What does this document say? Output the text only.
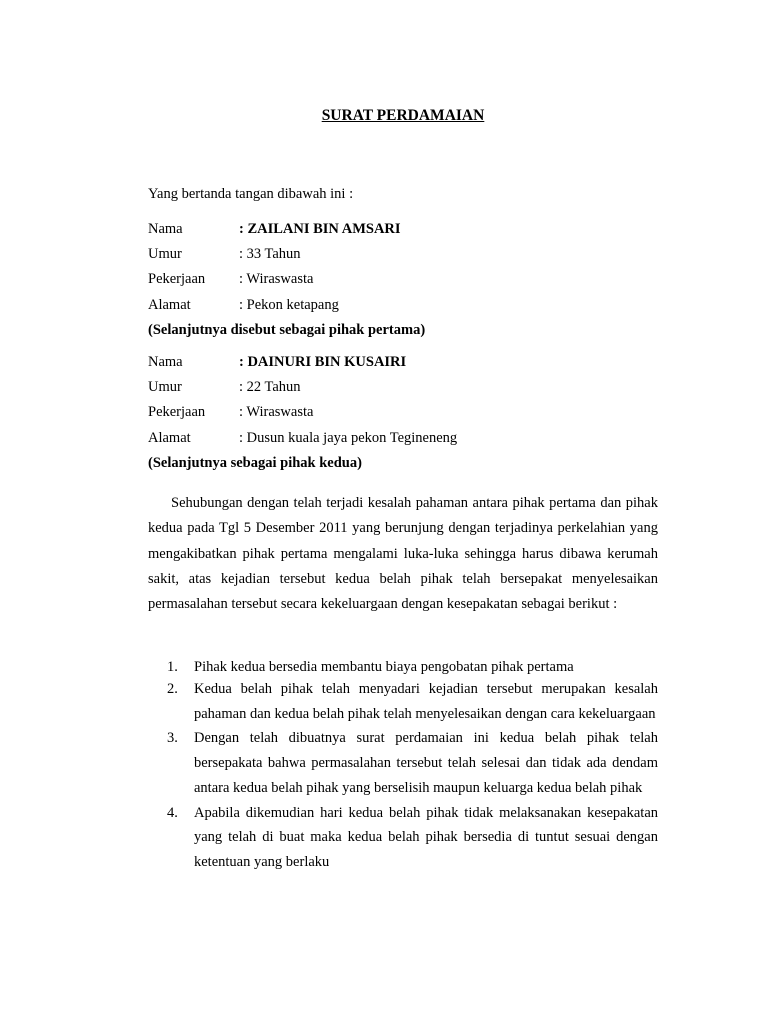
SURAT PERDAMAIAN
Yang bertanda tangan dibawah ini :
Nama	: ZAILANI BIN AMSARI
Umur	: 33 Tahun
Pekerjaan : Wiraswasta
Alamat	: Pekon ketapang
(Selanjutnya disebut sebagai pihak pertama)
Nama	: DAINURI BIN KUSAIRI
Umur	: 22 Tahun
Pekerjaan : Wiraswasta
Alamat	: Dusun kuala jaya pekon Tegineneng
(Selanjutnya sebagai pihak kedua)

Sehubungan dengan telah terjadi kesalah pahaman antara pihak pertama dan pihak kedua pada Tgl 5 Desember 2011 yang berunjung dengan terjadinya perkelahian yang mengakibatkan pihak pertama mengalami luka-luka sehingga harus dibawa kerumah sakit, atas kejadian tersebut kedua belah pihak telah bersepakat menyelesaikan permasalahan tersebut secara kekeluargaan dengan kesepakatan sebagai berikut :

1. Pihak kedua bersedia membantu biaya pengobatan pihak pertama
2. Kedua belah pihak telah menyadari kejadian tersebut merupakan kesalah pahaman dan kedua belah pihak telah menyelesaikan dengan cara kekeluargaan
3. Dengan telah dibuatnya surat perdamaian ini kedua belah pihak telah bersepakata bahwa permasalahan tersebut telah selesai dan tidak ada dendam antara kedua belah pihak yang berselisih maupun keluarga kedua belah pihak
4. Apabila dikemudian hari kedua belah pihak tidak melaksanakan kesepakatan yang telah di buat maka kedua belah pihak bersedia di tuntut sesuai dengan ketentuan yang berlaku
